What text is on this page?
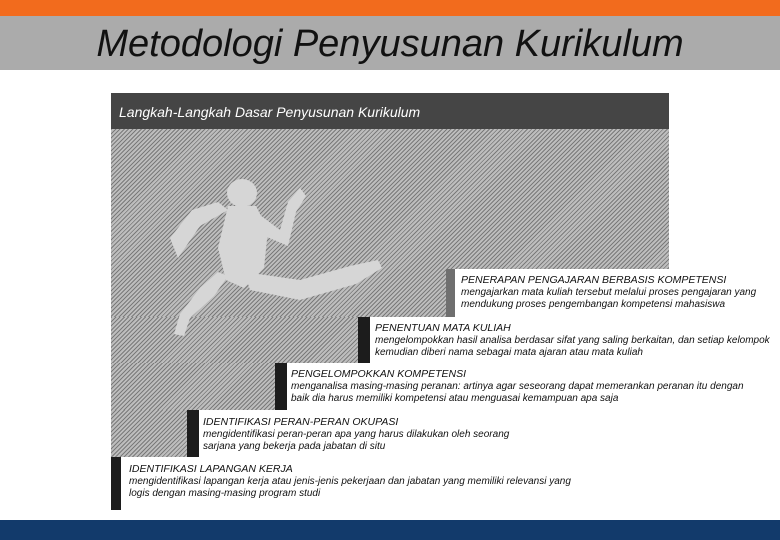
Metodologi Penyusunan Kurikulum
Langkah-Langkah Dasar Penyusunan Kurikulum
PENERAPAN PENGAJARAN BERBASIS KOMPETENSI
mengajarkan mata kuliah tersebut melalui proses pengajaran yang mendukung proses pengembangan kompetensi mahasiswa
PENENTUAN MATA KULIAH
mengelompokkan hasil analisa berdasar sifat yang saling berkaitan, dan setiap kelompok kemudian diberi nama sebagai mata ajaran atau mata kuliah
PENGELOMPOKKAN KOMPETENSI
menganalisa masing-masing peranan: artinya agar seseorang dapat memerankan peranan itu dengan baik dia harus memiliki kompetensi atau menguasai kemampuan apa saja
IDENTIFIKASI PERAN-PERAN OKUPASI
mengidentifikasi peran-peran apa yang harus dilakukan oleh seorang sarjana yang bekerja pada jabatan di situ
IDENTIFIKASI LAPANGAN KERJA
mengidentifikasi lapangan kerja atau jenis-jenis pekerjaan dan jabatan yang memiliki relevansi yang logis dengan masing-masing program studi
